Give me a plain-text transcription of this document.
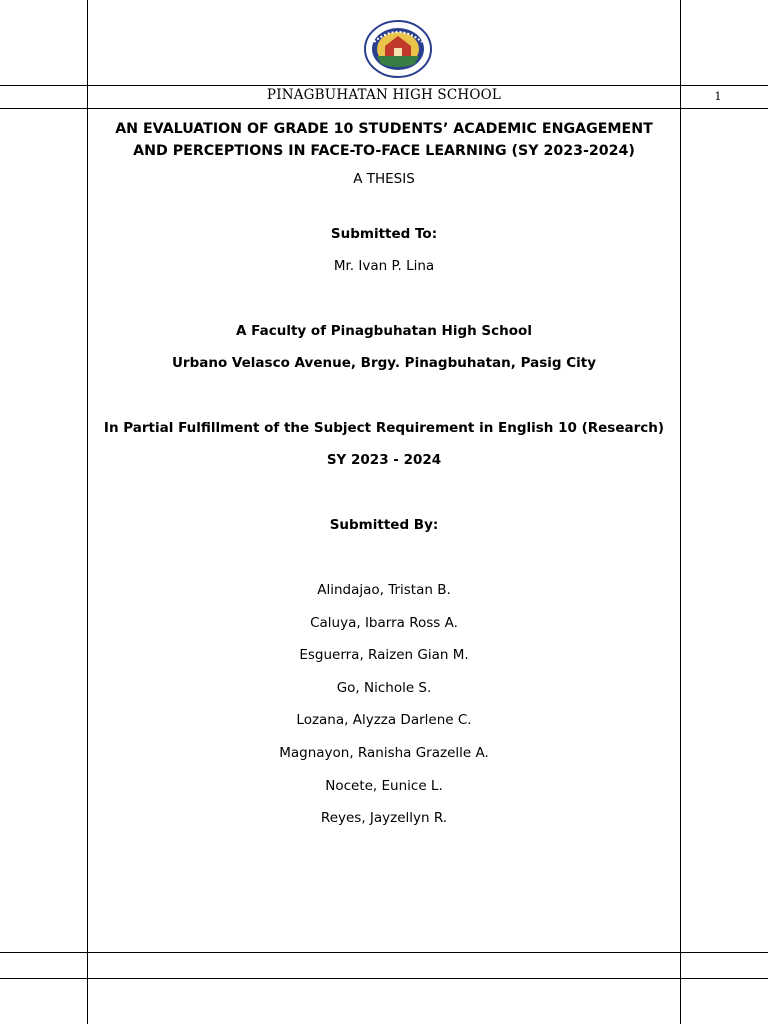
PINAGBUHATAN HIGH SCHOOL	1

AN EVALUATION OF GRADE 10 STUDENTS’ ACADEMIC ENGAGEMENT
AND PERCEPTIONS IN FACE-TO-FACE LEARNING (SY 2023-2024)

A THESIS

Submitted To:

Mr. Ivan P. Lina

A Faculty of Pinagbuhatan High School

Urbano Velasco Avenue, Brgy. Pinagbuhatan, Pasig City

In Partial Fulfillment of the Subject Requirement in English 10 (Research)

SY 2023 - 2024

Submitted By:

Alindajao, Tristan B.
Caluya, Ibarra Ross A.
Esguerra, Raizen Gian M.
Go, Nichole S.
Lozana, Alyzza Darlene C.
Magnayon, Ranisha Grazelle A.
Nocete, Eunice L.
Reyes, Jayzellyn R.
